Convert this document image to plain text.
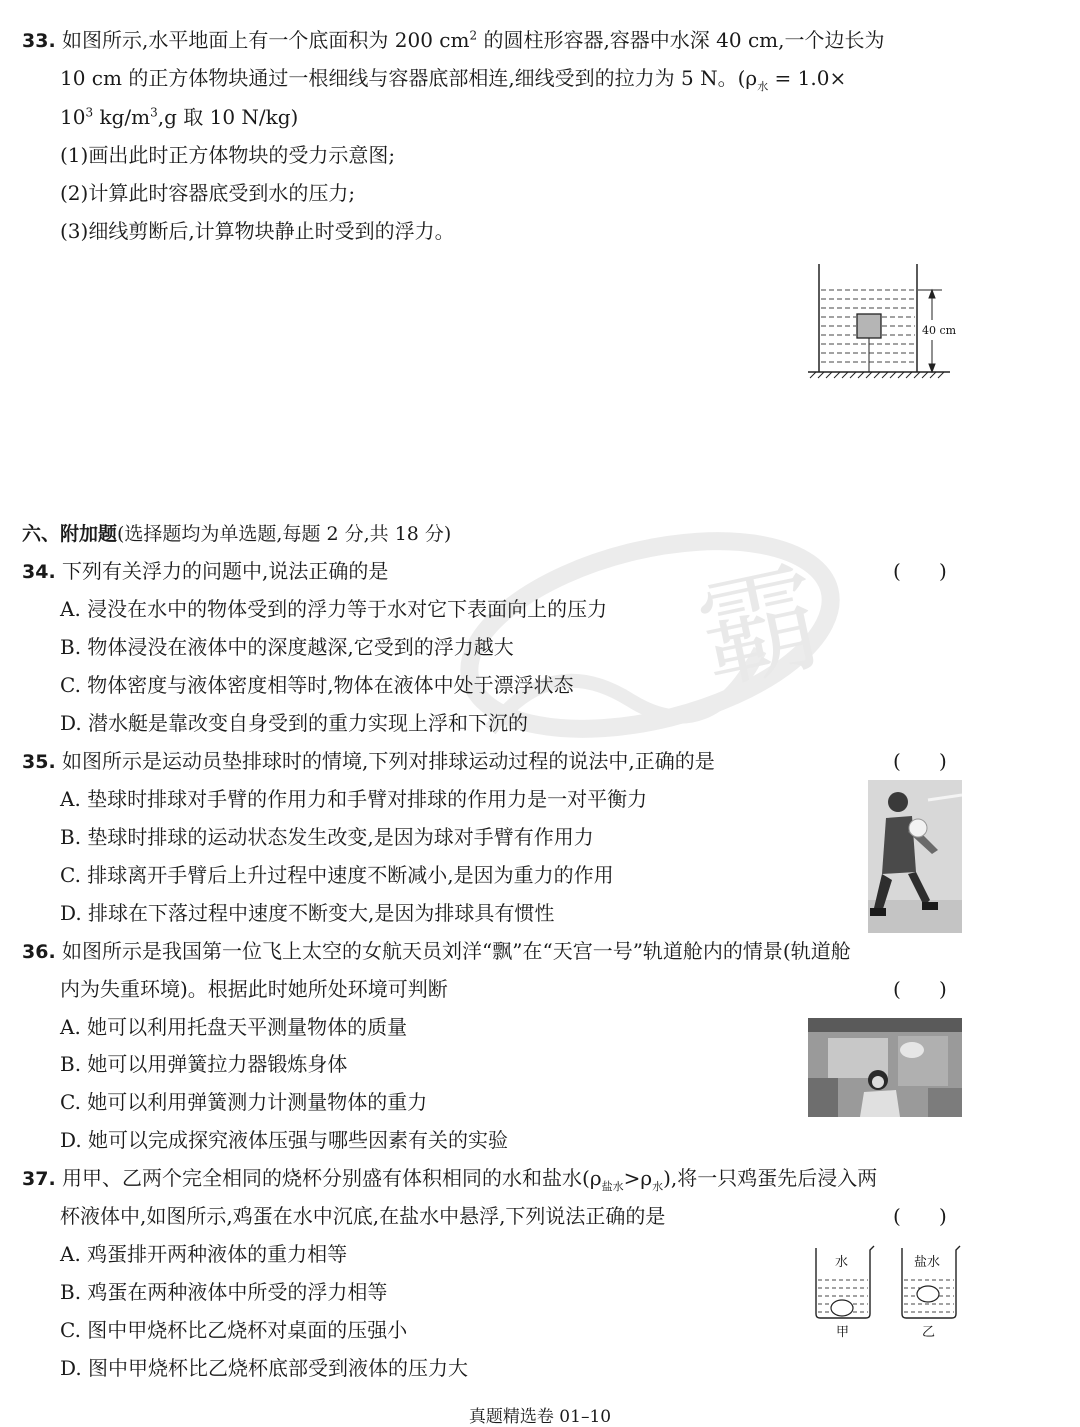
霸
33. 如图所示,水平地面上有一个底面积为 200 $cm^2$ 的圆柱形容器,容器中水深 40 cm,一个边长为
10 cm 的正方体物块通过一根细线与容器底部相连,细线受到的拉力为 5 N。($\rho_水 = 1.0\times$
$10^3$ $kg/m^3,g$ 取 10 N/kg)
(1)画出此时正方体物块的受力示意图;
(2)计算此时容器底受到水的压力;
(3)细线剪断后,计算物块静止时受到的浮力。
40 cm
六、附加题(选择题均为单选题,每题 2 分,共 18 分)
34. 下列有关浮力的问题中,说法正确的是	(      )
A. 浸没在水中的物体受到的浮力等于水对它下表面向上的压力
B. 物体浸没在液体中的深度越深,它受到的浮力越大
C. 物体密度与液体密度相等时,物体在液体中处于漂浮状态
D. 潜水艇是靠改变自身受到的重力实现上浮和下沉的
35. 如图所示是运动员垫排球时的情境,下列对排球运动过程的说法中,正确的是	(      )
A. 垫球时排球对手臂的作用力和手臂对排球的作用力是一对平衡力
B. 垫球时排球的运动状态发生改变,是因为球对手臂有作用力
C. 排球离开手臂后上升过程中速度不断减小,是因为重力的作用
D. 排球在下落过程中速度不断变大,是因为排球具有惯性
36. 如图所示是我国第一位飞上太空的女航天员刘洋“飘”在“天宫一号”轨道舱内的情景(轨道舱
内为失重环境)。根据此时她所处环境可判断	(      )
A. 她可以利用托盘天平测量物体的质量
B. 她可以用弹簧拉力器锻炼身体
C. 她可以利用弹簧测力计测量物体的重力
D. 她可以完成探究液体压强与哪些因素有关的实验
37. 用甲、乙两个完全相同的烧杯分别盛有体积相同的水和盐水$(\rho_{盐水}>\rho_水)$,将一只鸡蛋先后浸入两
杯液体中,如图所示,鸡蛋在水中沉底,在盐水中悬浮,下列说法正确的是	(      )
A. 鸡蛋排开两种液体的重力相等
B. 鸡蛋在两种液体中所受的浮力相等
C. 图中甲烧杯比乙烧杯对桌面的压强小
D. 图中甲烧杯比乙烧杯底部受到液体的压力大
水
甲
盐水
乙
真题精选卷 01–10
